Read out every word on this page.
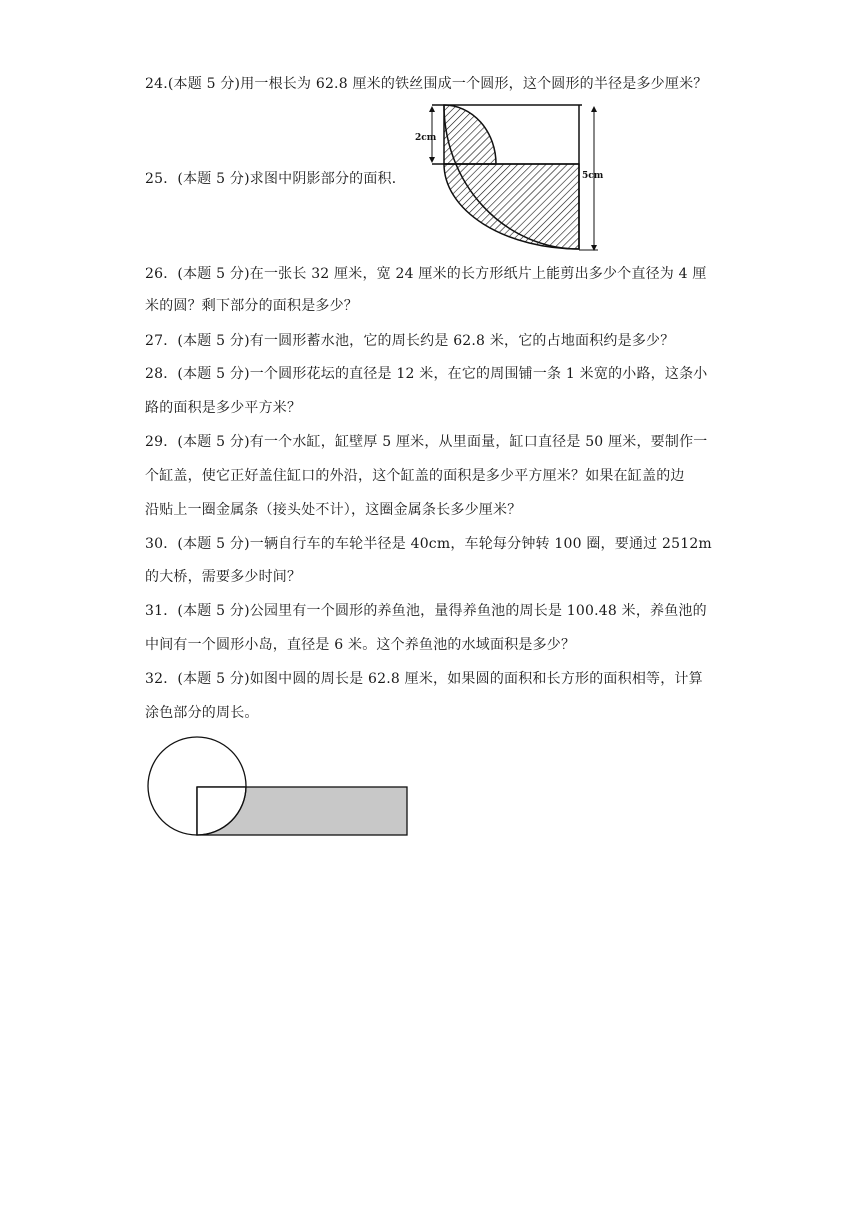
24.(本题 5 分)用一根长为 62.8 厘米的铁丝围成一个圆形，这个圆形的半径是多少厘米？
2cm
5cm
25．(本题 5 分)求图中阴影部分的面积．
26．(本题 5 分)在一张长 32 厘米，宽 24 厘米的长方形纸片上能剪出多少个直径为 4 厘
米的圆？剩下部分的面积是多少？
27．(本题 5 分)有一圆形蓄水池，它的周长约是 62.8 米，它的占地面积约是多少？
28．(本题 5 分)一个圆形花坛的直径是 12 米，在它的周围铺一条 1 米宽的小路，这条小
路的面积是多少平方米？
29．(本题 5 分)有一个水缸，缸壁厚 5 厘米，从里面量，缸口直径是 50 厘米，要制作一
个缸盖，使它正好盖住缸口的外沿，这个缸盖的面积是多少平方厘米？如果在缸盖的边
沿贴上一圈金属条（接头处不计），这圈金属条长多少厘米？
30．(本题 5 分)一辆自行车的车轮半径是 40cm，车轮每分钟转 100 圈，要通过 2512m
的大桥，需要多少时间？
31．(本题 5 分)公园里有一个圆形的养鱼池，量得养鱼池的周长是 100.48 米，养鱼池的
中间有一个圆形小岛，直径是 6 米。这个养鱼池的水域面积是多少？
32．(本题 5 分)如图中圆的周长是 62.8 厘米，如果圆的面积和长方形的面积相等，计算
涂色部分的周长。
